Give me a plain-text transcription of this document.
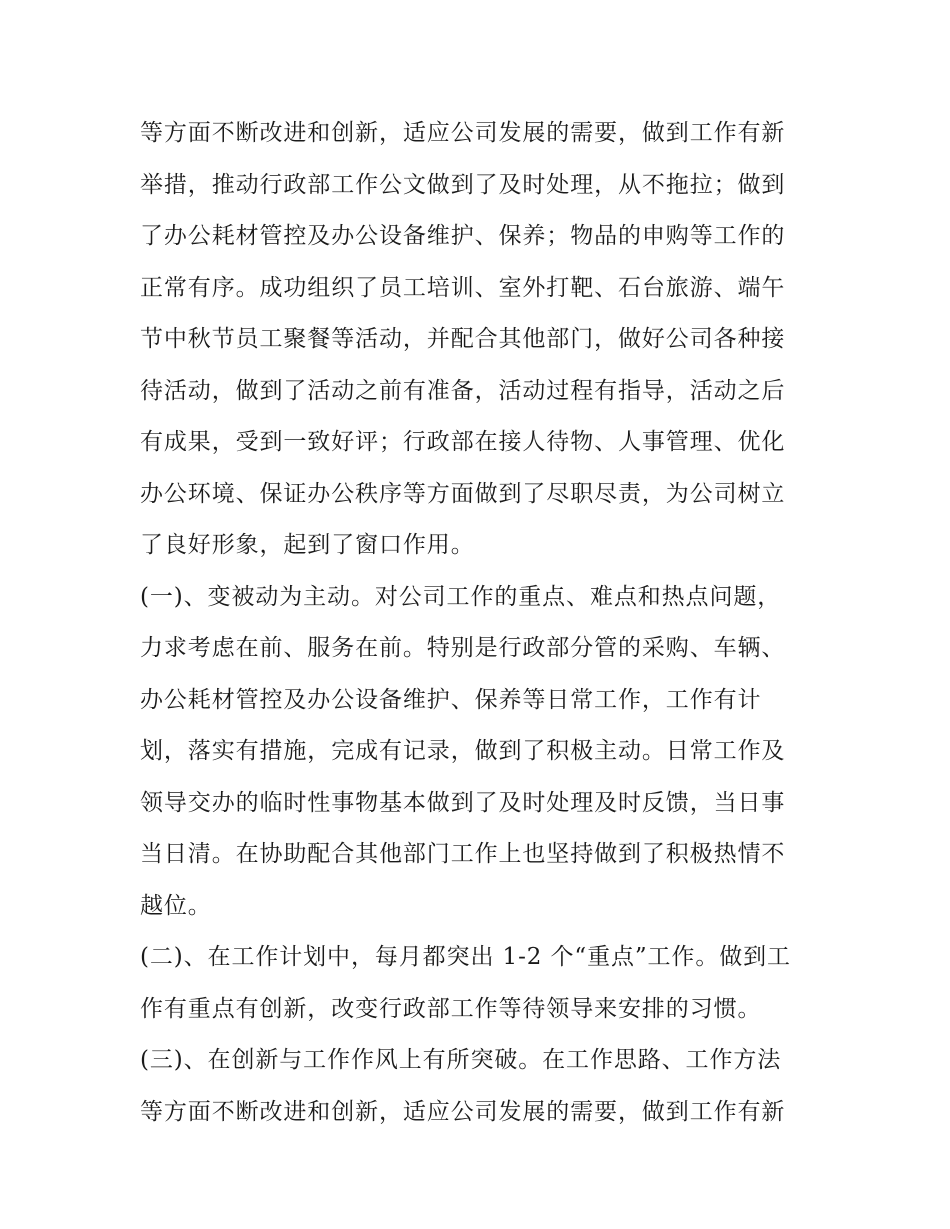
等方面不断改进和创新，适应公司发展的需要，做到工作有新
举措，推动行政部工作公文做到了及时处理，从不拖拉；做到
了办公耗材管控及办公设备维护、保养；物品的申购等工作的
正常有序。成功组织了员工培训、室外打靶、石台旅游、端午
节中秋节员工聚餐等活动，并配合其他部门，做好公司各种接
待活动，做到了活动之前有准备，活动过程有指导，活动之后
有成果，受到一致好评；行政部在接人待物、人事管理、优化
办公环境、保证办公秩序等方面做到了尽职尽责，为公司树立
了良好形象，起到了窗口作用。
(一)、变被动为主动。对公司工作的重点、难点和热点问题，
力求考虑在前、服务在前。特别是行政部分管的采购、车辆、
办公耗材管控及办公设备维护、保养等日常工作，工作有计
划，落实有措施，完成有记录，做到了积极主动。日常工作及
领导交办的临时性事物基本做到了及时处理及时反馈，当日事
当日清。在协助配合其他部门工作上也坚持做到了积极热情不
越位。
(二)、在工作计划中，每月都突出 1-2 个“重点”工作。做到工
作有重点有创新，改变行政部工作等待领导来安排的习惯。
(三)、在创新与工作作风上有所突破。在工作思路、工作方法
等方面不断改进和创新，适应公司发展的需要，做到工作有新
